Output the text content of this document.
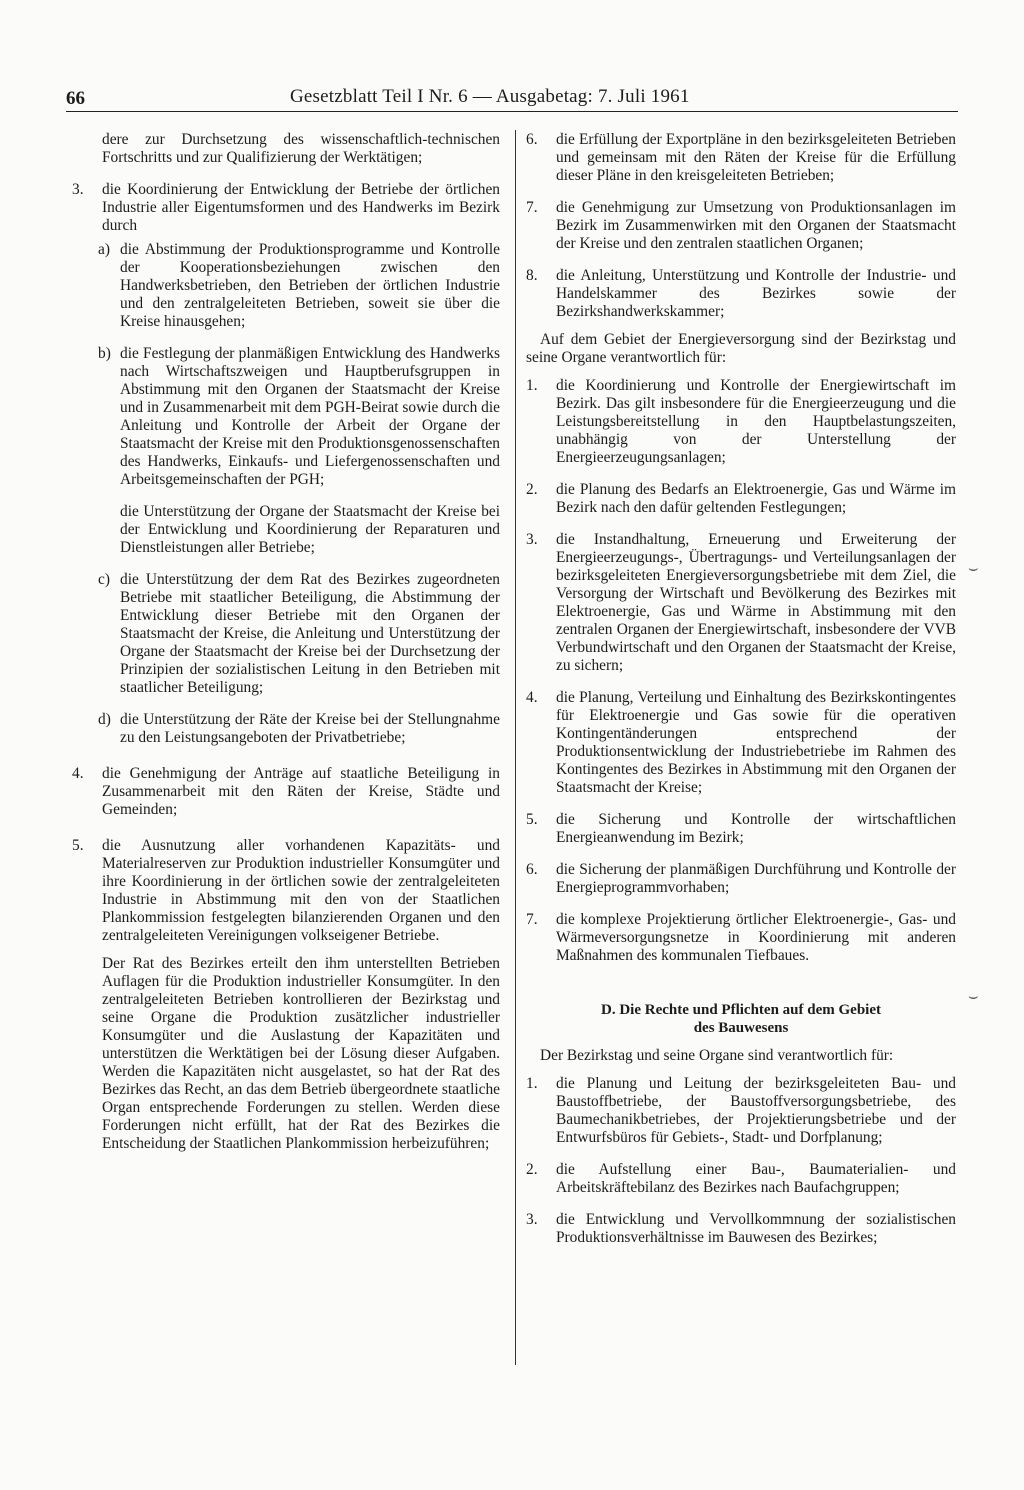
66	Gesetzblatt Teil I Nr. 6 — Ausgabetag: 7. Juli 1961

dere zur Durchsetzung des wissenschaftlich-technischen Fortschritts und zur Qualifizierung der Werktätigen;

3. die Koordinierung der Entwicklung der Betriebe der örtlichen Industrie aller Eigentumsformen und des Handwerks im Bezirk durch
a) die Abstimmung der Produktionsprogramme und Kontrolle der Kooperationsbeziehungen zwischen den Handwerksbetrieben, den Betrieben der örtlichen Industrie und den zentralgeleiteten Betrieben, soweit sie über die Kreise hinausgehen;
b) die Festlegung der planmäßigen Entwicklung des Handwerks nach Wirtschaftszweigen und Hauptberufsgruppen in Abstimmung mit den Organen der Staatsmacht der Kreise und in Zusammenarbeit mit dem PGH-Beirat sowie durch die Anleitung und Kontrolle der Arbeit der Organe der Staatsmacht der Kreise mit den Produktionsgenossenschaften des Handwerks, Einkaufs- und Liefergenossenschaften und Arbeitsgemeinschaften der PGH;

die Unterstützung der Organe der Staatsmacht der Kreise bei der Entwicklung und Koordinierung der Reparaturen und Dienstleistungen aller Betriebe;

c) die Unterstützung der dem Rat des Bezirkes zugeordneten Betriebe mit staatlicher Beteiligung, die Abstimmung der Entwicklung dieser Betriebe mit den Organen der Staatsmacht der Kreise, die Anleitung und Unterstützung der Organe der Staatsmacht der Kreise bei der Durchsetzung der Prinzipien der sozialistischen Leitung in den Betrieben mit staatlicher Beteiligung;
d) die Unterstützung der Räte der Kreise bei der Stellungnahme zu den Leistungsangeboten der Privatbetriebe;
4. die Genehmigung der Anträge auf staatliche Beteiligung in Zusammenarbeit mit den Räten der Kreise, Städte und Gemeinden;
5. die Ausnutzung aller vorhandenen Kapazitäts- und Materialreserven zur Produktion industrieller Konsumgüter und ihre Koordinierung in der örtlichen sowie der zentralgeleiteten Industrie in Abstimmung mit den von der Staatlichen Plankommission festgelegten bilanzierenden Organen und den zentralgeleiteten Vereinigungen volkseigener Betriebe.

Der Rat des Bezirkes erteilt den ihm unterstellten Betrieben Auflagen für die Produktion industrieller Konsumgüter. In den zentralgeleiteten Betrieben kontrollieren der Bezirkstag und seine Organe die Produktion zusätzlicher industrieller Konsumgüter und die Auslastung der Kapazitäten und unterstützen die Werktätigen bei der Lösung dieser Aufgaben. Werden die Kapazitäten nicht ausgelastet, so hat der Rat des Bezirkes das Recht, an das dem Betrieb übergeordnete staatliche Organ entsprechende Forderungen zu stellen. Werden diese Forderungen nicht erfüllt, hat der Rat des Bezirkes die Entscheidung der Staatlichen Plankommission herbeizuführen;

6. die Erfüllung der Exportpläne in den bezirksgeleiteten Betrieben und gemeinsam mit den Räten der Kreise für die Erfüllung dieser Pläne in den kreisgeleiteten Betrieben;
7. die Genehmigung zur Umsetzung von Produktionsanlagen im Bezirk im Zusammenwirken mit den Organen der Staatsmacht der Kreise und den zentralen staatlichen Organen;
8. die Anleitung, Unterstützung und Kontrolle der Industrie- und Handelskammer des Bezirkes sowie der Bezirkshandwerkskammer;

Auf dem Gebiet der Energieversorgung sind der Bezirkstag und seine Organe verantwortlich für:

1. die Koordinierung und Kontrolle der Energiewirtschaft im Bezirk. Das gilt insbesondere für die Energieerzeugung und die Leistungsbereitstellung in den Hauptbelastungszeiten, unabhängig von der Unterstellung der Energieerzeugungsanlagen;
2. die Planung des Bedarfs an Elektroenergie, Gas und Wärme im Bezirk nach den dafür geltenden Festlegungen;
3. die Instandhaltung, Erneuerung und Erweiterung der Energieerzeugungs-, Übertragungs- und Verteilungsanlagen der bezirksgeleiteten Energieversorgungsbetriebe mit dem Ziel, die Versorgung der Wirtschaft und Bevölkerung des Bezirkes mit Elektroenergie, Gas und Wärme in Abstimmung mit den zentralen Organen der Energiewirtschaft, insbesondere der VVB Verbundwirtschaft und den Organen der Staatsmacht der Kreise, zu sichern;
4. die Planung, Verteilung und Einhaltung des Bezirkskontingentes für Elektroenergie und Gas sowie für die operativen Kontingentänderungen entsprechend der Produktionsentwicklung der Industriebetriebe im Rahmen des Kontingentes des Bezirkes in Abstimmung mit den Organen der Staatsmacht der Kreise;
5. die Sicherung und Kontrolle der wirtschaftlichen Energieanwendung im Bezirk;
6. die Sicherung der planmäßigen Durchführung und Kontrolle der Energieprogrammvorhaben;
7. die komplexe Projektierung örtlicher Elektroenergie-, Gas- und Wärmeversorgungsnetze in Koordinierung mit anderen Maßnahmen des kommunalen Tiefbaues.
D. Die Rechte und Pflichten auf dem Gebiet
des Bauwesens

Der Bezirkstag und seine Organe sind verantwortlich für:

1. die Planung und Leitung der bezirksgeleiteten Bau- und Baustoffbetriebe, der Baustoffversorgungsbetriebe, des Baumechanikbetriebes, der Projektierungsbetriebe und der Entwurfsbüros für Gebiets-, Stadt- und Dorfplanung;
2. die Aufstellung einer Bau-, Baumaterialien- und Arbeitskräftebilanz des Bezirkes nach Baufachgruppen;
3. die Entwicklung und Vervollkommnung der sozialistischen Produktionsverhältnisse im Bauwesen des Bezirkes;
⌣
⌣
